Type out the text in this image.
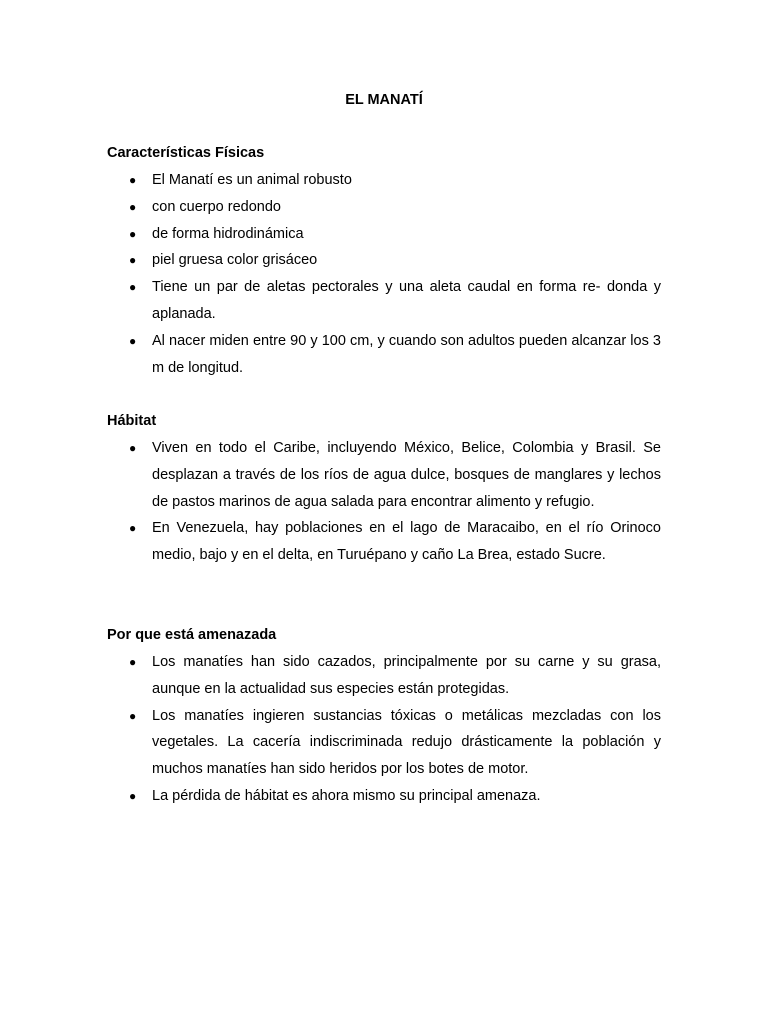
EL MANATÍ
Características Físicas
● El Manatí es un animal robusto
● con cuerpo redondo
● de forma hidrodinámica
● piel gruesa color grisáceo
● Tiene un par de aletas pectorales y una aleta caudal en forma re- donda y aplanada.
● Al nacer miden entre 90 y 100 cm, y cuando son adultos pueden alcanzar los 3 m de longitud.
Hábitat
● Viven en todo el Caribe, incluyendo México, Belice, Colombia y Brasil. Se desplazan a través de los ríos de agua dulce, bosques de manglares y lechos de pastos marinos de agua salada para encontrar alimento y refugio.
● En Venezuela, hay poblaciones en el lago de Maracaibo, en el río Orinoco medio, bajo y en el delta, en Turuépano y caño La Brea, estado Sucre.
Por que está amenazada
● Los manatíes han sido cazados, principalmente por su carne y su grasa, aunque en la actualidad sus especies están protegidas.
● Los manatíes ingieren sustancias tóxicas o metálicas mezcladas con los vegetales. La cacería indiscriminada redujo drásticamente la población y muchos manatíes han sido heridos por los botes de motor.
● La pérdida de hábitat es ahora mismo su principal amenaza.
